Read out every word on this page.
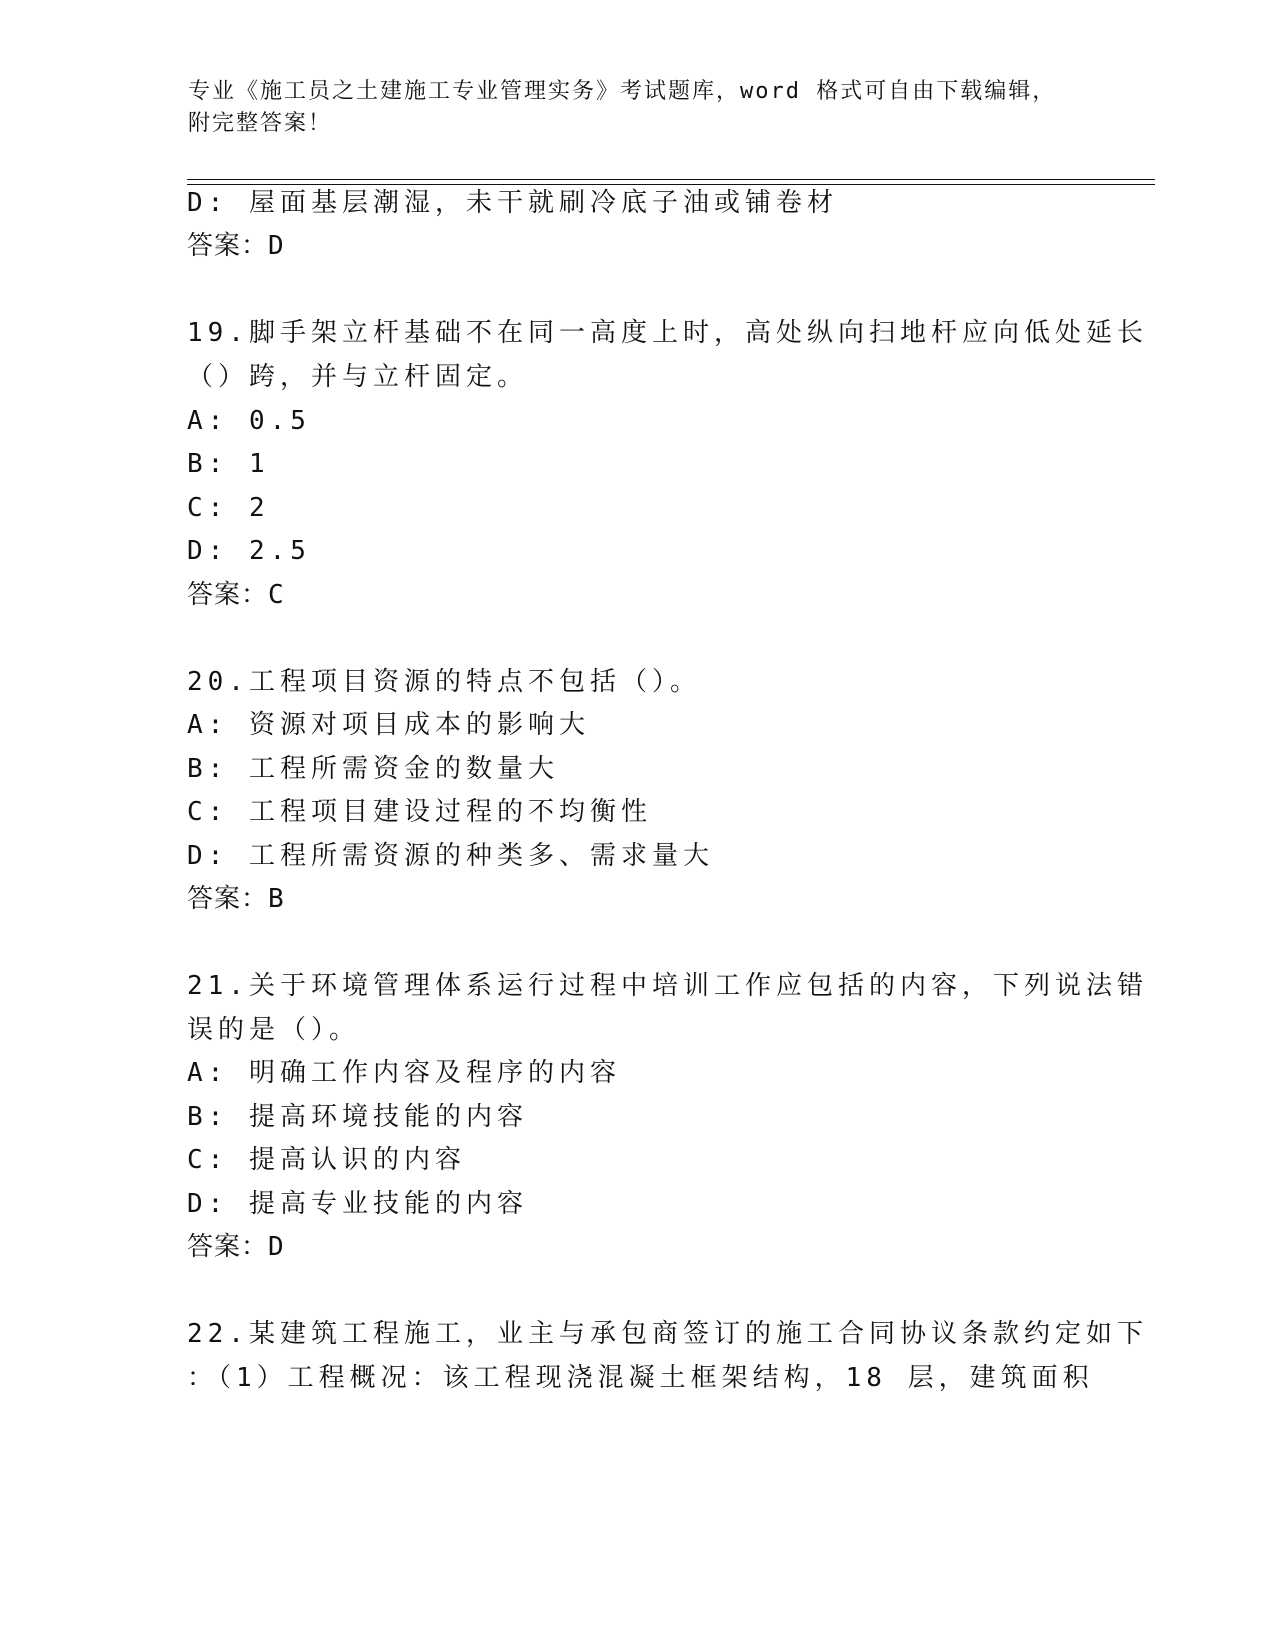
专业《施工员之土建施工专业管理实务》考试题库，word 格式可自由下载编辑，
附完整答案！
D: 屋面基层潮湿，未干就刷冷底子油或铺卷材
答案：D
19.脚手架立杆基础不在同一高度上时，高处纵向扫地杆应向低处延长
（）跨，并与立杆固定。
A: 0.5
B: 1
C: 2
D: 2.5
答案：C
20.工程项目资源的特点不包括（）。
A: 资源对项目成本的影响大
B: 工程所需资金的数量大
C: 工程项目建设过程的不均衡性
D: 工程所需资源的种类多、需求量大
答案：B
21.关于环境管理体系运行过程中培训工作应包括的内容，下列说法错
误的是（）。
A: 明确工作内容及程序的内容
B: 提高环境技能的内容
C: 提高认识的内容
D: 提高专业技能的内容
答案：D
22.某建筑工程施工，业主与承包商签订的施工合同协议条款约定如下
：（1）工程概况：该工程现浇混凝土框架结构，18 层，建筑面积
